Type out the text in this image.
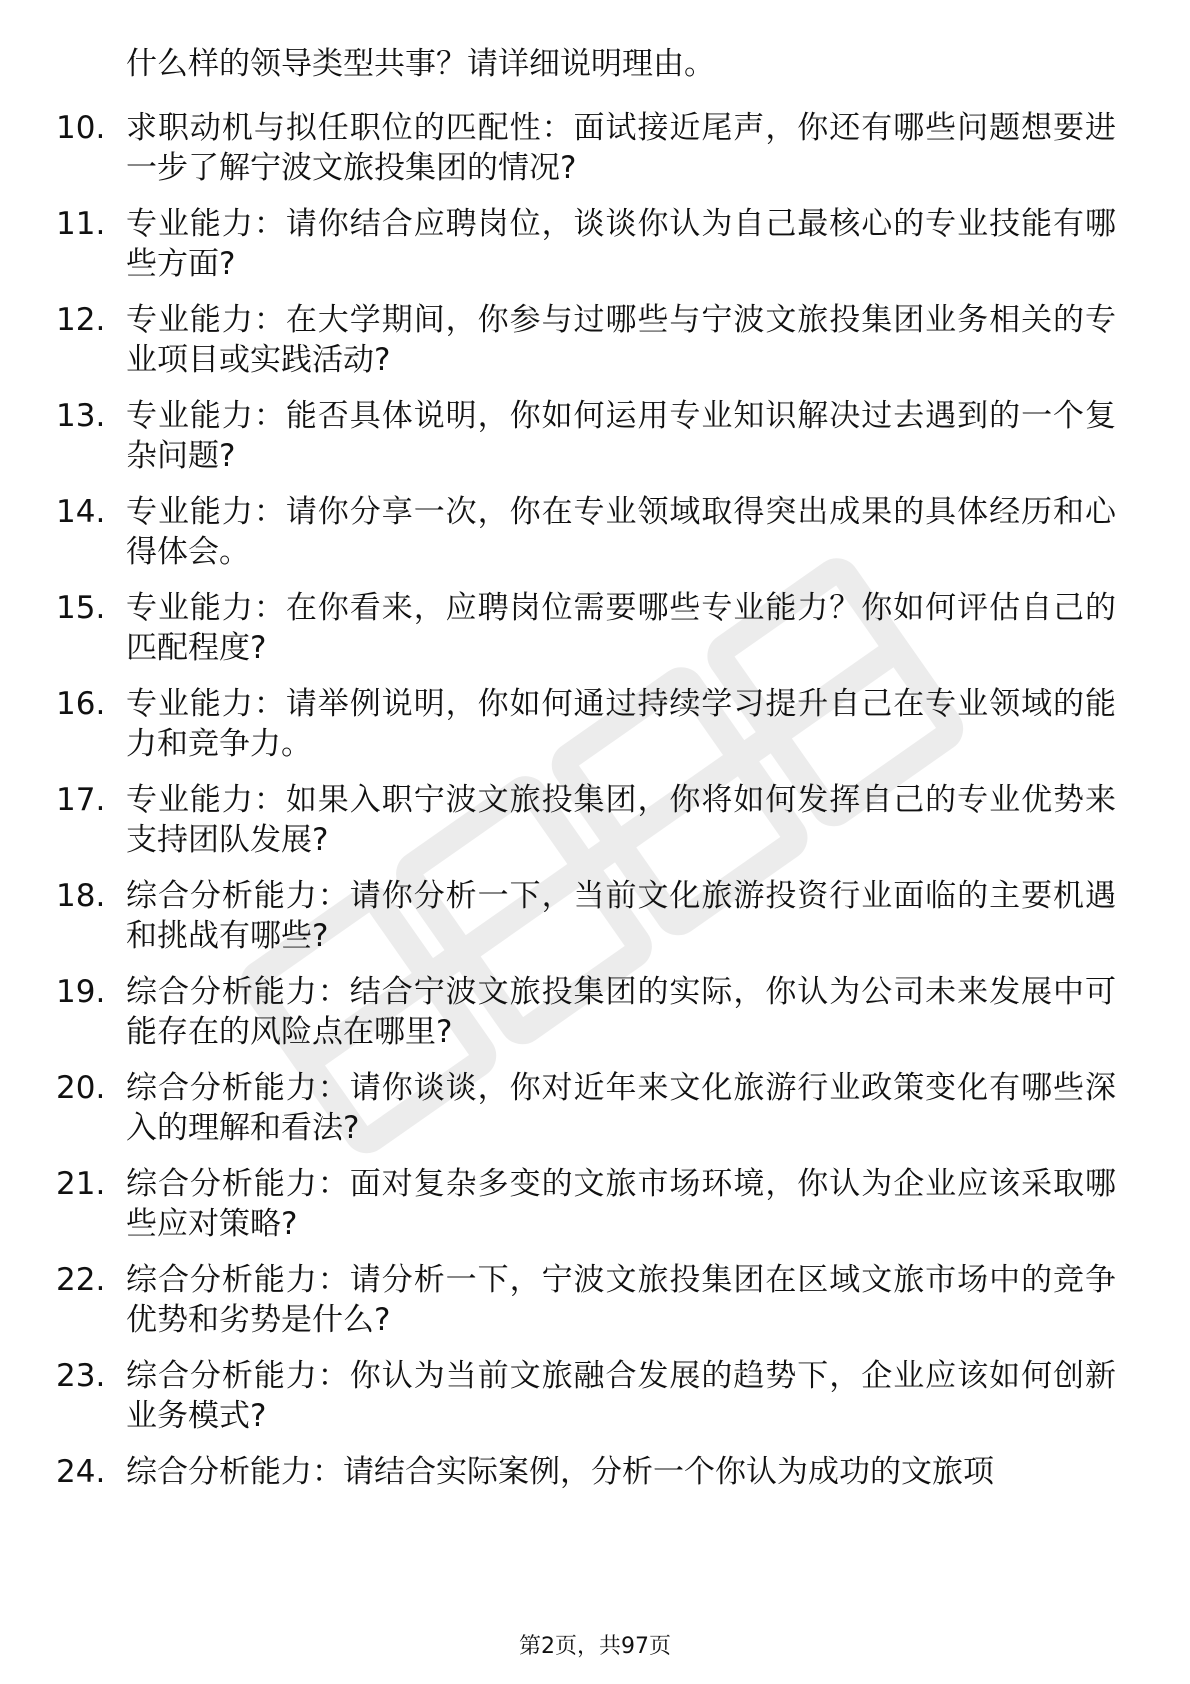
什么样的领导类型共事？请详细说明理由。
10. 求职动机与拟任职位的匹配性：面试接近尾声，你还有哪些问题想要进一步了解宁波文旅投集团的情况?
11. 专业能力：请你结合应聘岗位，谈谈你认为自己最核心的专业技能有哪些方面?
12. 专业能力：在大学期间，你参与过哪些与宁波文旅投集团业务相关的专业项目或实践活动?
13. 专业能力：能否具体说明，你如何运用专业知识解决过去遇到的一个复杂问题?
14. 专业能力：请你分享一次，你在专业领域取得突出成果的具体经历和心得体会。
15. 专业能力：在你看来，应聘岗位需要哪些专业能力？你如何评估自己的匹配程度?
16. 专业能力：请举例说明，你如何通过持续学习提升自己在专业领域的能力和竞争力。
17. 专业能力：如果入职宁波文旅投集团，你将如何发挥自己的专业优势来支持团队发展?
18. 综合分析能力：请你分析一下，当前文化旅游投资行业面临的主要机遇和挑战有哪些?
19. 综合分析能力：结合宁波文旅投集团的实际，你认为公司未来发展中可能存在的风险点在哪里?
20. 综合分析能力：请你谈谈，你对近年来文化旅游行业政策变化有哪些深入的理解和看法?
21. 综合分析能力：面对复杂多变的文旅市场环境，你认为企业应该采取哪些应对策略?
22. 综合分析能力：请分析一下，宁波文旅投集团在区域文旅市场中的竞争优势和劣势是什么?
23. 综合分析能力：你认为当前文旅融合发展的趋势下，企业应该如何创新业务模式?
24. 综合分析能力：请结合实际案例，分析一个你认为成功的文旅项
第2页，共97页
